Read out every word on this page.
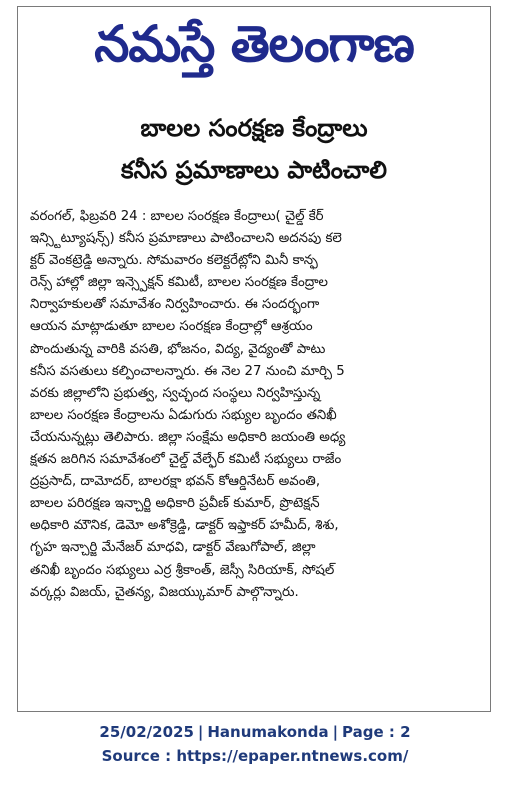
నమస్తే తెలంగాణ
బాలల సంరక్షణ కేంద్రాలు
కనీస ప్రమాణాలు పాటించాలి
వరంగల్, ఫిబ్రవరి 24 : బాలల సంరక్షణ కేంద్రాలు( చైల్డ్ కేర్
ఇన్స్టిట్యూషన్స్) కనీస ప్రమాణాలు పాటించాలని అదనపు కలె
క్టర్ వెంకట్రెడ్డి అన్నారు. సోమవారం కలెక్టరేట్లోని మినీ కాన్ఫ
రెన్స్ హాల్లో జిల్లా ఇన్స్పెక్షన్ కమిటీ, బాలల సంరక్షణ కేంద్రాల
నిర్వాహకులతో సమావేశం నిర్వహించారు. ఈ సందర్భంగా
ఆయన మాట్లాడుతూ బాలల సంరక్షణ కేంద్రాల్లో ఆశ్రయం
పొందుతున్న వారికి వసతి, భోజనం, విద్య, వైద్యంతో పాటు
కనీస వసతులు కల్పించాలన్నారు. ఈ నెల 27 నుంచి మార్చి 5
వరకు జిల్లాలోని ప్రభుత్వ, స్వచ్ఛంద సంస్థలు నిర్వహిస్తున్న
బాలల సంరక్షణ కేంద్రాలను ఏడుగురు సభ్యుల బృందం తనిఖీ
చేయనున్నట్లు తెలిపారు. జిల్లా సంక్షేమ అధికారి జయంతి అధ్య
క్షతన జరిగిన సమావేశంలో చైల్డ్ వేల్ఫేర్ కమిటీ సభ్యులు రాజేం
ద్రప్రసాద్, దామోదర్, బాలరక్షా భవన్ కోఆర్డినేటర్ అవంతి,
బాలల పరిరక్షణ ఇన్చార్జి అధికారి ప్రవీణ్ కుమార్, ప్రొటెక్షన్
అధికారి మౌనిక, డెమో అశోక్రెడ్డి, డాక్టర్ ఇఫ్తాకర్ హమీద్, శిశు,
గృహ ఇన్చార్జి మేనేజర్ మాధవి, డాక్టర్ వేణుగోపాల్, జిల్లా
తనిఖీ బృందం సభ్యులు ఎర్ర శ్రీకాంత్, జెస్సీ సిరియాక్, సోషల్
వర్కర్లు విజయ్, చైతన్య, విజయ్కుమార్ పాల్గొన్నారు.
25/02/2025 | Hanumakonda | Page : 2
Source : https://epaper.ntnews.com/
